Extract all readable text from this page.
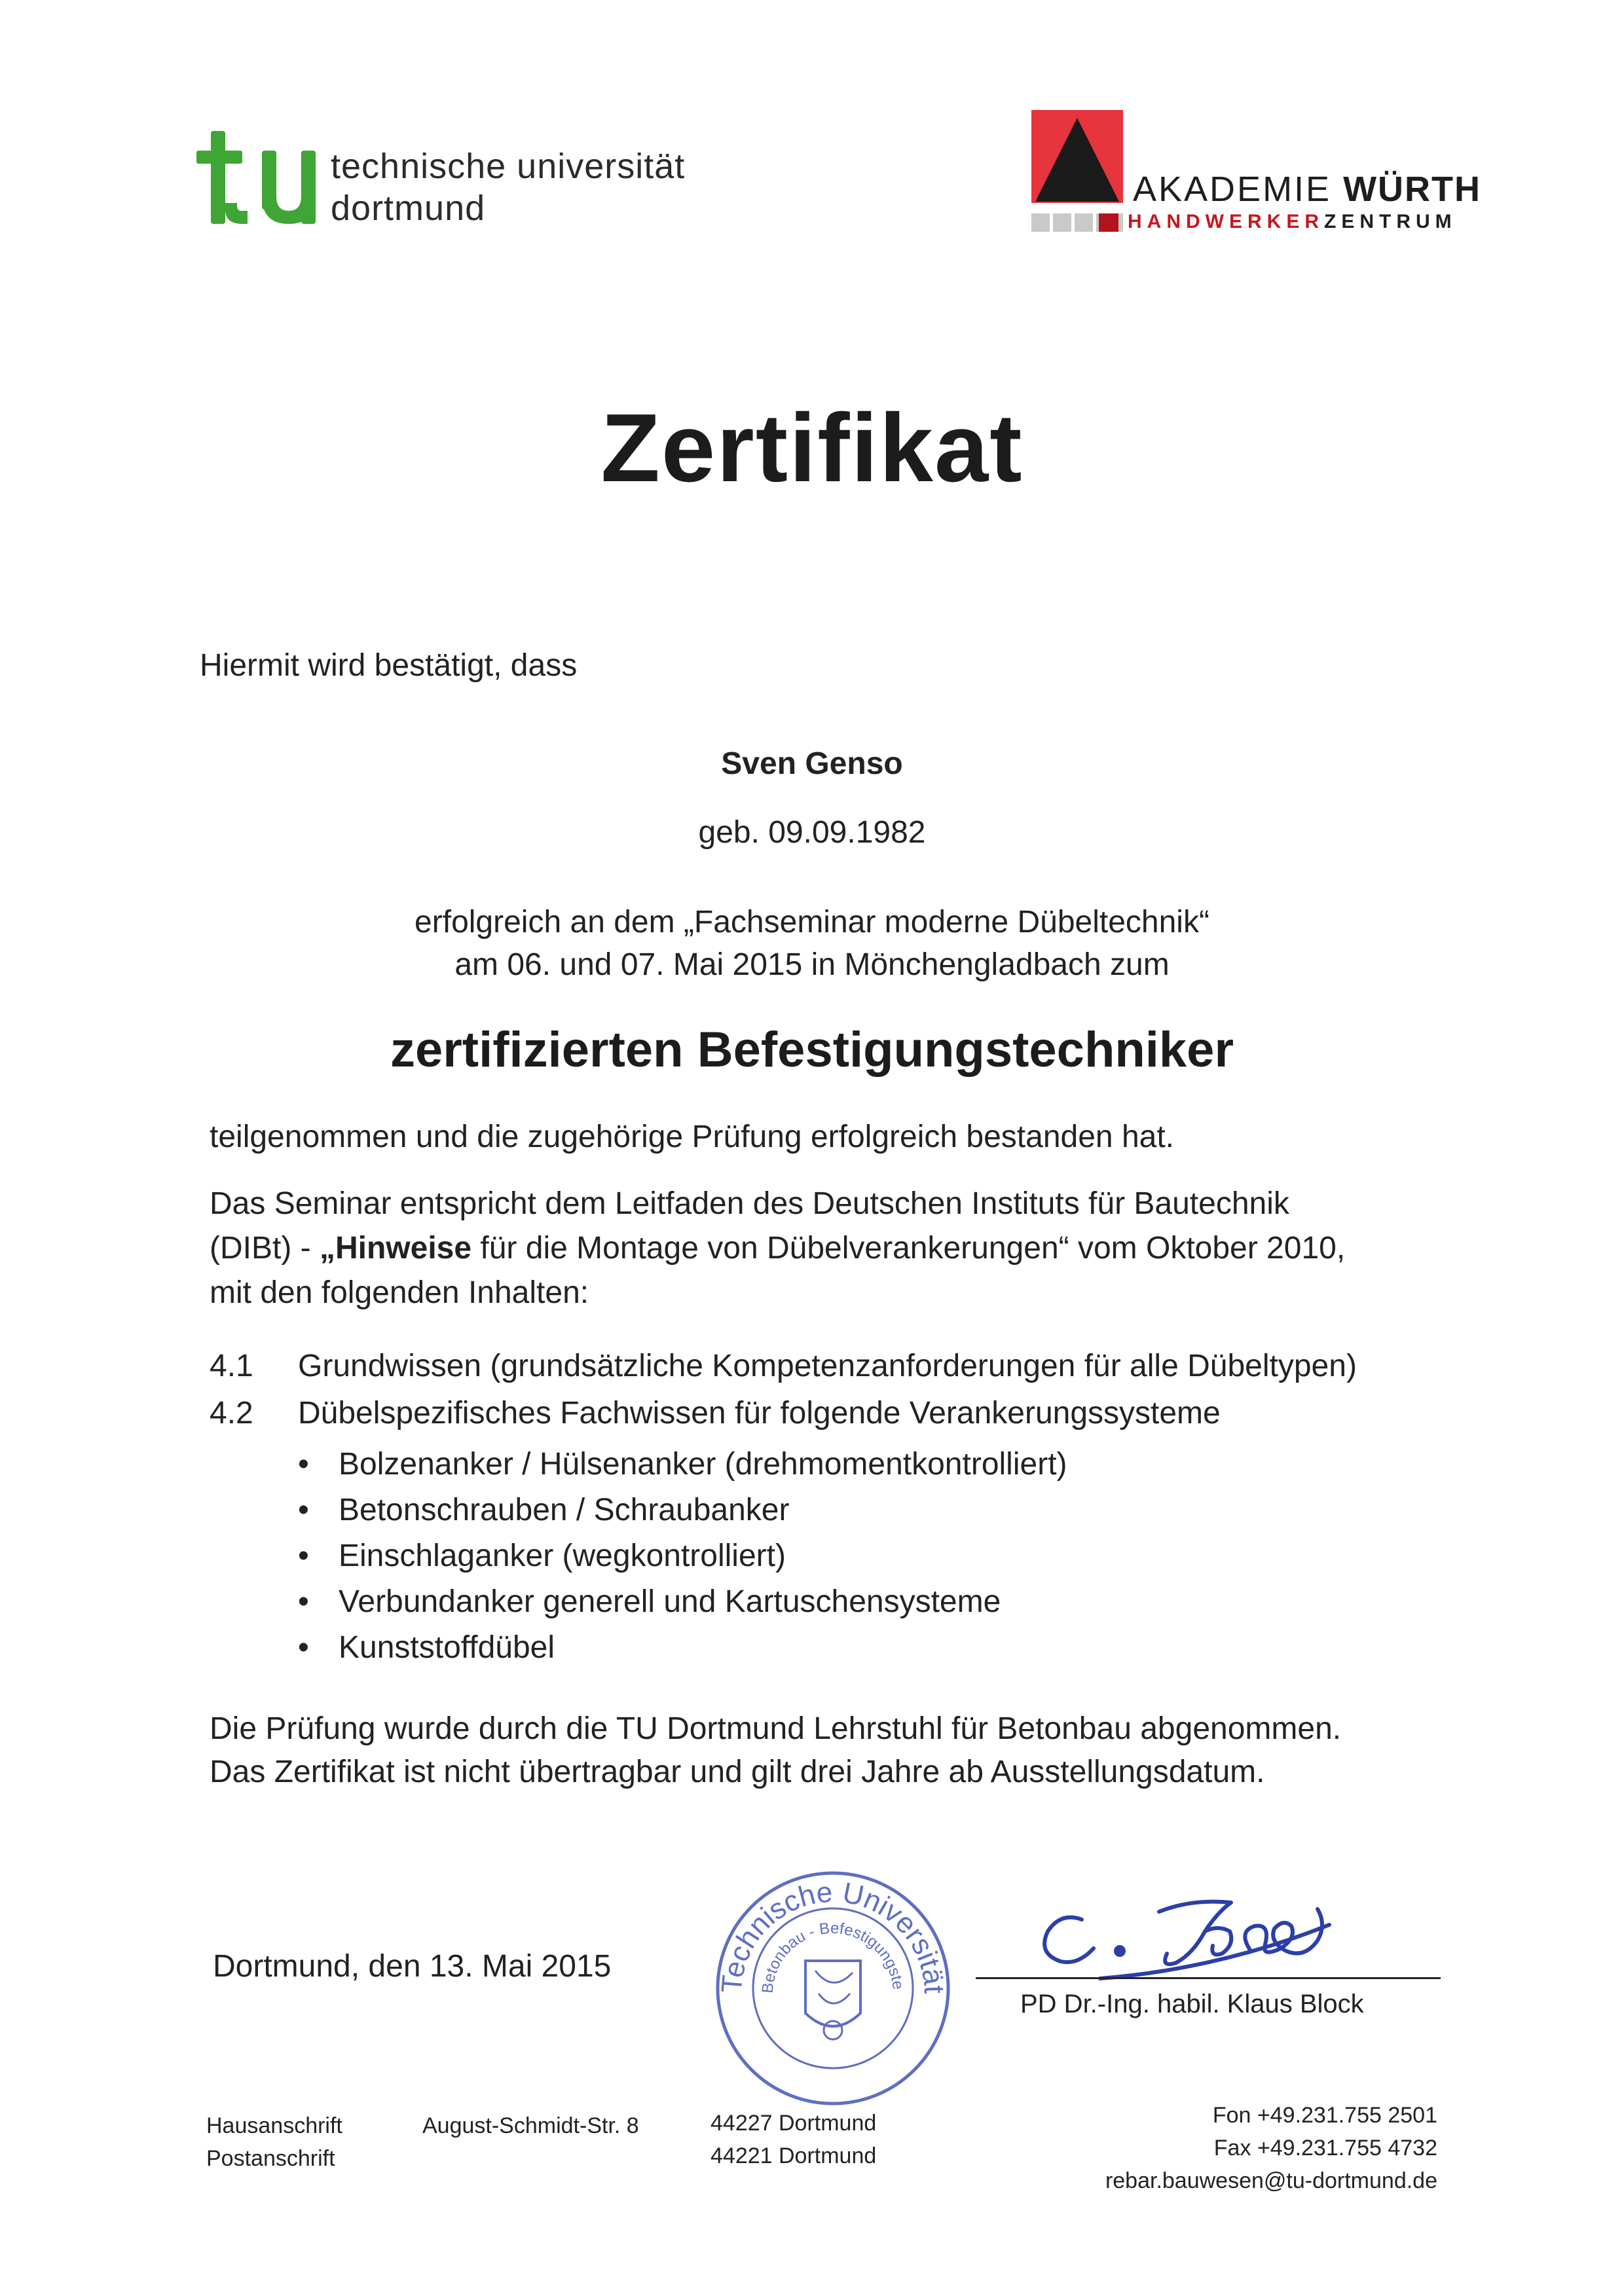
technische universität
dortmund	AKADEMIE WÜRTH
HANDWERKERZENTRUM
Zertifikat
Hiermit wird bestätigt, dass
Sven Genso
geb. 09.09.1982
erfolgreich an dem „Fachseminar moderne Dübeltechnik“
am 06. und 07. Mai 2015 in Mönchengladbach zum
zertifizierten Befestigungstechniker
teilgenommen und die zugehörige Prüfung erfolgreich bestanden hat.
Das Seminar entspricht dem Leitfaden des Deutschen Instituts für Bautechnik
(DIBt) - „Hinweise für die Montage von Dübelverankerungen“ vom Oktober 2010,
mit den folgenden Inhalten:
4.1 Grundwissen (grundsätzliche Kompetenzanforderungen für alle Dübeltypen)
4.2 Dübelspezifisches Fachwissen für folgende Verankerungssysteme
• Bolzenanker / Hülsenanker (drehmomentkontrolliert)
• Betonschrauben / Schraubanker
• Einschlaganker (wegkontrolliert)
• Verbundanker generell und Kartuschensysteme
• Kunststoffdübel
Die Prüfung wurde durch die TU Dortmund Lehrstuhl für Betonbau abgenommen.
Das Zertifikat ist nicht übertragbar und gilt drei Jahre ab Ausstellungsdatum.
Dortmund, den 13. Mai 2015
Technische Universität
Betonbau - Befestigungste
PD Dr.-Ing. habil. Klaus Block
Hausanschrift
Postanschrift
August-Schmidt-Str. 8	44227 Dortmund
44221 Dortmund
Fon +49.231.755 2501
Fax +49.231.755 4732
rebar.bauwesen@tu-dortmund.de
